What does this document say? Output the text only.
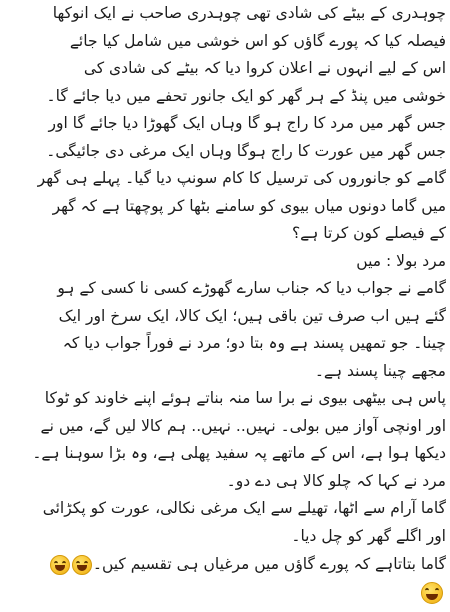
چوہدری کے بیٹے کی شادی تھی چوہدری صاحب نے ایک انوکھا
فیصلہ کیا کہ پورے گاؤں کو اس خوشی میں شامل کیا جائے
اس کے لیے انہوں نے اعلان کروا دیا کہ بیٹے کی شادی کی
خوشی میں پنڈ کے ہر گھر کو ایک جانور تحفے میں دیا جائے گا۔
جس گھر میں مرد کا راج ہو گا وہاں ایک گھوڑا دیا جائے گا اور
جس گھر میں عورت کا راج ہوگا وہاں ایک مرغی دی جائیگی۔
گامے کو جانوروں کی ترسیل کا کام سونپ دیا گیا۔ پہلے ہی گھر
میں گاما دونوں میاں بیوی کو سامنے بٹھا کر پوچھتا ہے کہ گھر
کے فیصلے کون کرتا ہے؟
مرد بولا : میں
گامے نے جواب دیا کہ جناب سارے گھوڑے کسی نا کسی کے ہو
گئے ہیں اب صرف تین باقی ہیں؛ ایک کالا، ایک سرخ اور ایک
چینا۔ جو تمھیں پسند ہے وہ بتا دو؛ مرد نے فوراً جواب دیا کہ
مجھے چینا پسند ہے۔
پاس ہی بیٹھی بیوی نے برا سا منہ بناتے ہوئے اپنے خاوند کو ٹوکا
اور اونچی آواز میں بولی۔ نہیں.. نہیں.. ہم کالا لیں گے، میں نے
دیکھا ہوا ہے، اس کے ماتھے پہ سفید پھلی ہے، وہ بڑا سوہنا ہے۔
مرد نے کہا کہ چلو کالا ہی دے دو۔
گاما آرام سے اٹھا، تھیلے سے ایک مرغی نکالی، عورت کو پکڑائی
اور اگلے گھر کو چل دیا۔
گاما بتاتاہے کہ پورے گاؤں میں مرغیاں ہی تقسیم کیں۔
